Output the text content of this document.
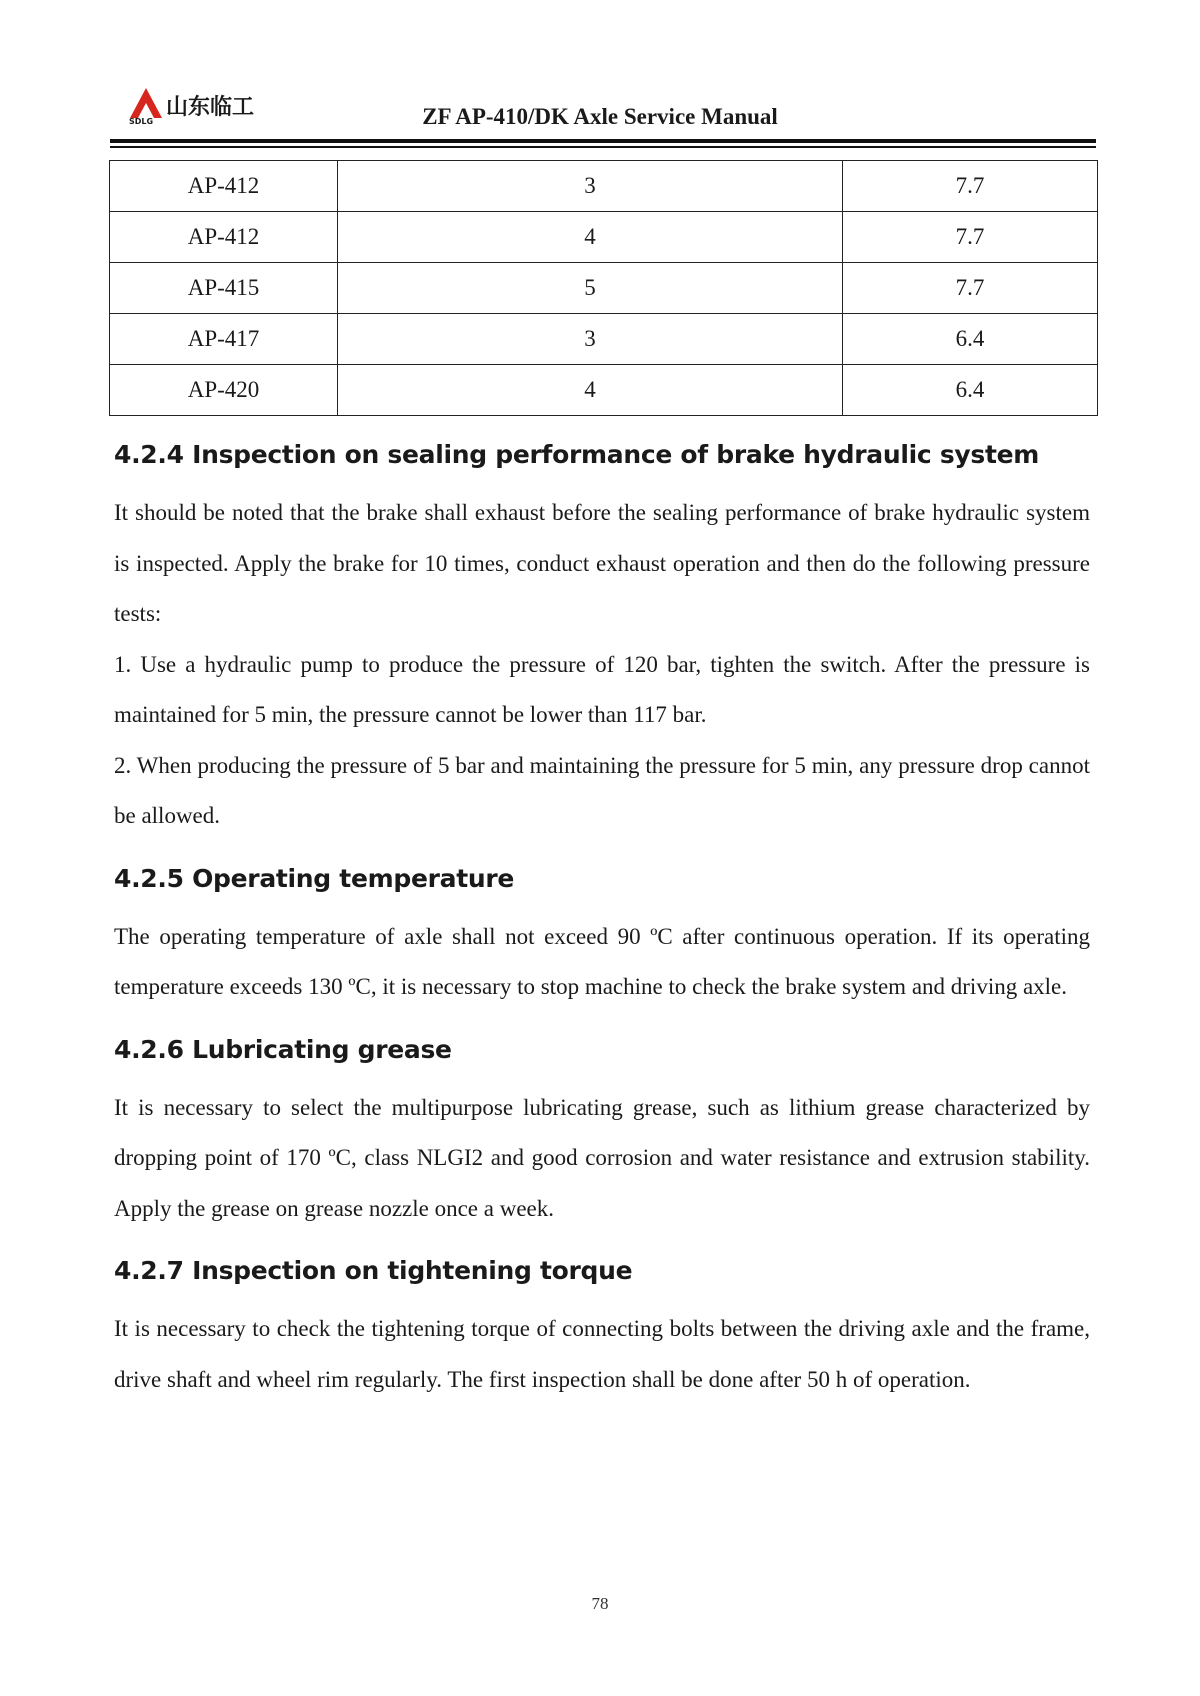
SDLG
山东临工	ZF AP-410/DK Axle Service Manual
AP-412	3	7.7
AP-412	4	7.7
AP-415	5	7.7
AP-417	3	6.4
AP-420	4	6.4
4.2.4 Inspection on sealing performance of brake hydraulic system

It should be noted that the brake shall exhaust before the sealing performance of brake hydraulic system is inspected. Apply the brake for 10 times, conduct exhaust operation and then do the following pressure tests:

1. Use a hydraulic pump to produce the pressure of 120 bar, tighten the switch. After the pressure is maintained for 5 min, the pressure cannot be lower than 117 bar.

2. When producing the pressure of 5 bar and maintaining the pressure for 5 min, any pressure drop cannot be allowed.

4.2.5 Operating temperature

The operating temperature of axle shall not exceed 90 ºC after continuous operation. If its operating temperature exceeds 130 ºC, it is necessary to stop machine to check the brake system and driving axle.

4.2.6 Lubricating grease

It is necessary to select the multipurpose lubricating grease, such as lithium grease characterized by dropping point of 170 ºC, class NLGI2 and good corrosion and water resistance and extrusion stability. Apply the grease on grease nozzle once a week.

4.2.7 Inspection on tightening torque

It is necessary to check the tightening torque of connecting bolts between the driving axle and the frame, drive shaft and wheel rim regularly. The first inspection shall be done after 50 h of operation.

78
